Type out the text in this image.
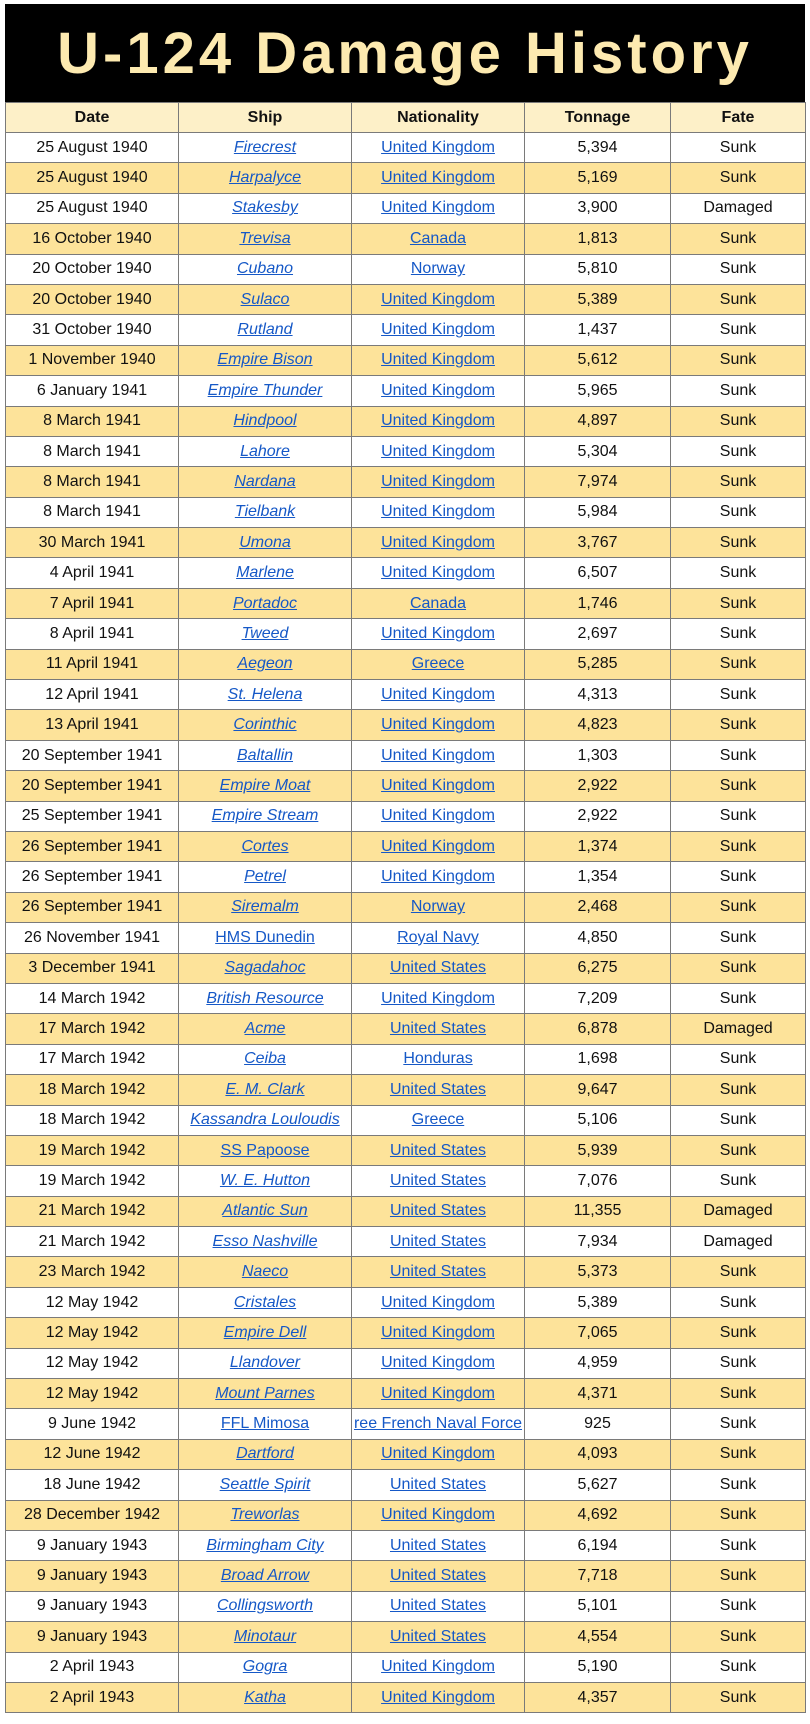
U-124 Damage History
Date	Ship	Nationality	Tonnage	Fate
25 August 1940	Firecrest	United Kingdom	5,394	Sunk
25 August 1940	Harpalyce	United Kingdom	5,169	Sunk
25 August 1940	Stakesby	United Kingdom	3,900	Damaged
16 October 1940	Trevisa	Canada	1,813	Sunk
20 October 1940	Cubano	Norway	5,810	Sunk
20 October 1940	Sulaco	United Kingdom	5,389	Sunk
31 October 1940	Rutland	United Kingdom	1,437	Sunk
1 November 1940	Empire Bison	United Kingdom	5,612	Sunk
6 January 1941	Empire Thunder	United Kingdom	5,965	Sunk
8 March 1941	Hindpool	United Kingdom	4,897	Sunk
8 March 1941	Lahore	United Kingdom	5,304	Sunk
8 March 1941	Nardana	United Kingdom	7,974	Sunk
8 March 1941	Tielbank	United Kingdom	5,984	Sunk
30 March 1941	Umona	United Kingdom	3,767	Sunk
4 April 1941	Marlene	United Kingdom	6,507	Sunk
7 April 1941	Portadoc	Canada	1,746	Sunk
8 April 1941	Tweed	United Kingdom	2,697	Sunk
11 April 1941	Aegeon	Greece	5,285	Sunk
12 April 1941	St. Helena	United Kingdom	4,313	Sunk
13 April 1941	Corinthic	United Kingdom	4,823	Sunk
20 September 1941	Baltallin	United Kingdom	1,303	Sunk
20 September 1941	Empire Moat	United Kingdom	2,922	Sunk
25 September 1941	Empire Stream	United Kingdom	2,922	Sunk
26 September 1941	Cortes	United Kingdom	1,374	Sunk
26 September 1941	Petrel	United Kingdom	1,354	Sunk
26 September 1941	Siremalm	Norway	2,468	Sunk
26 November 1941	HMS Dunedin	Royal Navy	4,850	Sunk
3 December 1941	Sagadahoc	United States	6,275	Sunk
14 March 1942	British Resource	United Kingdom	7,209	Sunk
17 March 1942	Acme	United States	6,878	Damaged
17 March 1942	Ceiba	Honduras	1,698	Sunk
18 March 1942	E. M. Clark	United States	9,647	Sunk
18 March 1942	Kassandra Louloudis	Greece	5,106	Sunk
19 March 1942	SS Papoose	United States	5,939	Sunk
19 March 1942	W. E. Hutton	United States	7,076	Sunk
21 March 1942	Atlantic Sun	United States	11,355	Damaged
21 March 1942	Esso Nashville	United States	7,934	Damaged
23 March 1942	Naeco	United States	5,373	Sunk
12 May 1942	Cristales	United Kingdom	5,389	Sunk
12 May 1942	Empire Dell	United Kingdom	7,065	Sunk
12 May 1942	Llandover	United Kingdom	4,959	Sunk
12 May 1942	Mount Parnes	United Kingdom	4,371	Sunk
9 June 1942	FFL Mimosa	ree French Naval Force	925	Sunk
12 June 1942	Dartford	United Kingdom	4,093	Sunk
18 June 1942	Seattle Spirit	United States	5,627	Sunk
28 December 1942	Treworlas	United Kingdom	4,692	Sunk
9 January 1943	Birmingham City	United States	6,194	Sunk
9 January 1943	Broad Arrow	United States	7,718	Sunk
9 January 1943	Collingsworth	United States	5,101	Sunk
9 January 1943	Minotaur	United States	4,554	Sunk
2 April 1943	Gogra	United Kingdom	5,190	Sunk
2 April 1943	Katha	United Kingdom	4,357	Sunk
